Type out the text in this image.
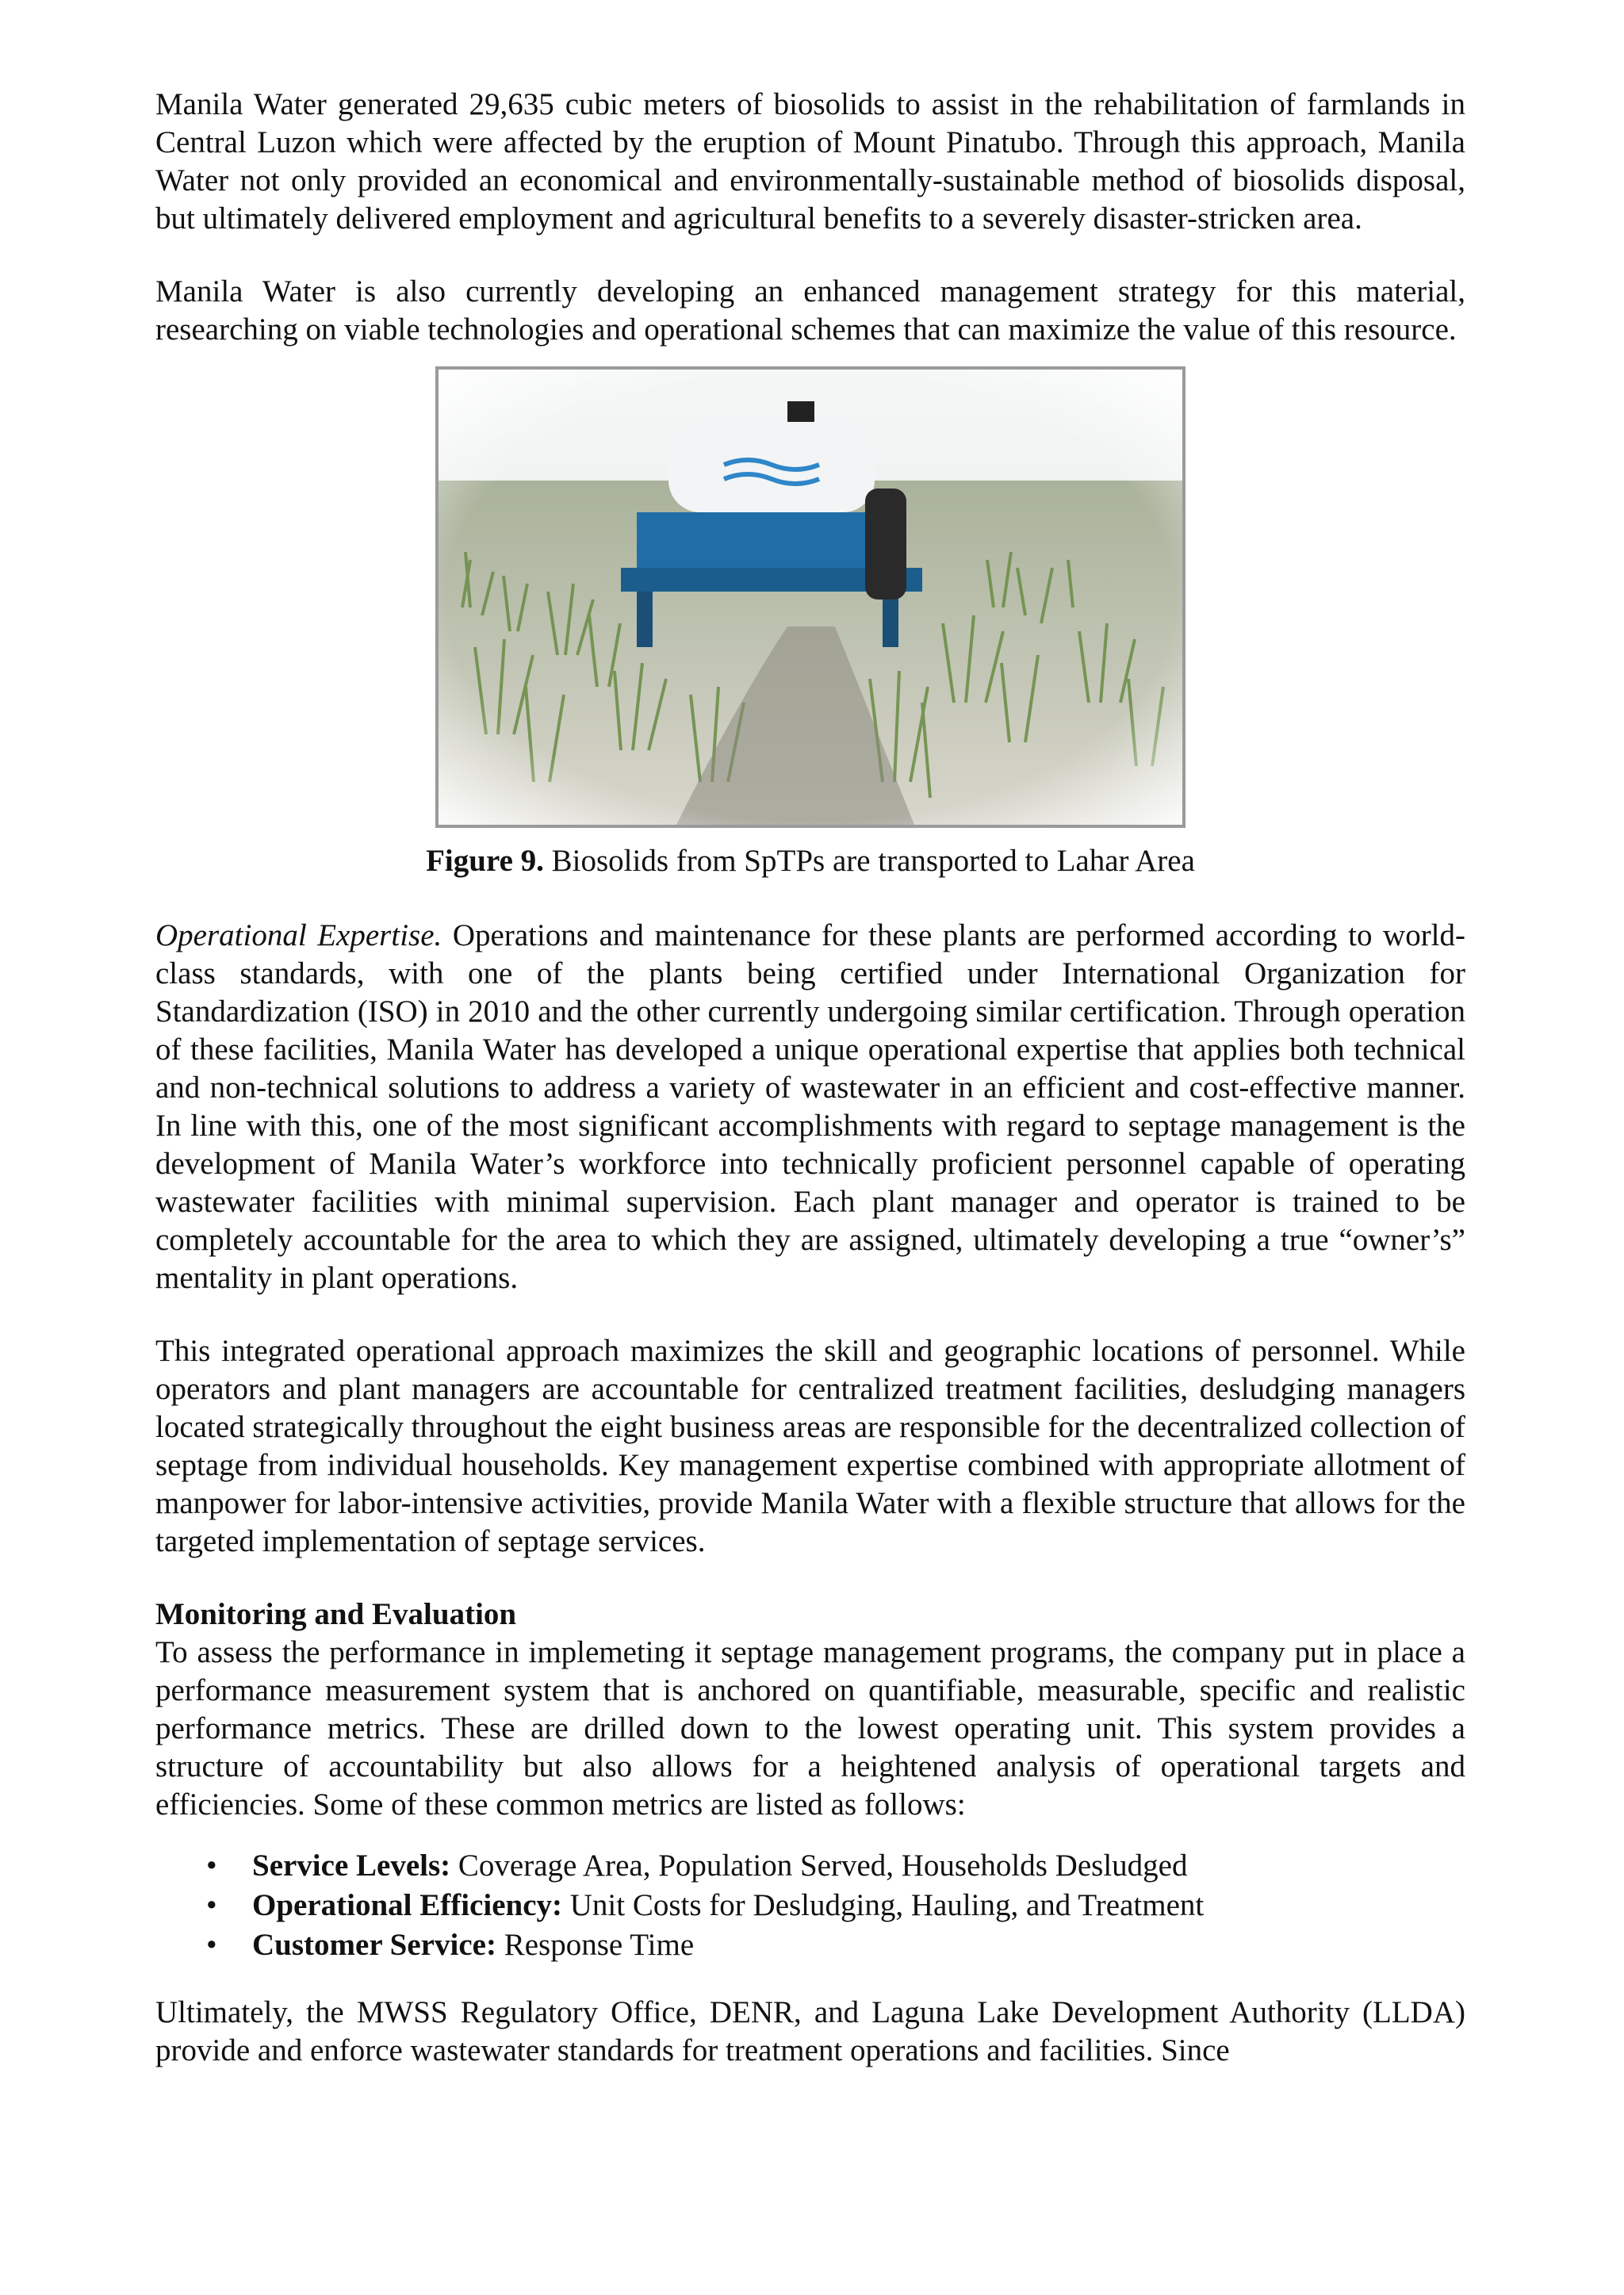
Manila Water generated 29,635 cubic meters of biosolids to assist in the rehabilitation of farmlands in Central Luzon which were affected by the eruption of Mount Pinatubo. Through this approach, Manila Water not only provided an economical and environmentally-sustainable method of biosolids disposal, but ultimately delivered employment and agricultural benefits to a severely disaster-stricken area.

Manila Water is also currently developing an enhanced management strategy for this material, researching on viable technologies and operational schemes that can maximize the value of this resource.

Figure 9. Biosolids from SpTPs are transported to Lahar Area

Operational Expertise. Operations and maintenance for these plants are performed according to world-class standards, with one of the plants being certified under International Organization for Standardization (ISO) in 2010 and the other currently undergoing similar certification. Through operation of these facilities, Manila Water has developed a unique operational expertise that applies both technical and non-technical solutions to address a variety of wastewater in an efficient and cost-effective manner. In line with this, one of the most significant accomplishments with regard to septage management is the development of Manila Water’s workforce into technically proficient personnel capable of operating wastewater facilities with minimal supervision. Each plant manager and operator is trained to be completely accountable for the area to which they are assigned, ultimately developing a true “owner’s” mentality in plant operations.

This integrated operational approach maximizes the skill and geographic locations of personnel. While operators and plant managers are accountable for centralized treatment facilities, desludging managers located strategically throughout the eight business areas are responsible for the decentralized collection of septage from individual households. Key management expertise combined with appropriate allotment of manpower for labor-intensive activities, provide Manila Water with a flexible structure that allows for the targeted implementation of septage services.

Monitoring and Evaluation

To assess the performance in implemeting it septage management programs, the company put in place a performance measurement system that is anchored on quantifiable, measurable, specific and realistic performance metrics. These are drilled down to the lowest operating unit. This system provides a structure of accountability but also allows for a heightened analysis of operational targets and efficiencies. Some of these common metrics are listed as follows:

• Service Levels: Coverage Area, Population Served, Households Desludged
• Operational Efficiency: Unit Costs for Desludging, Hauling, and Treatment
• Customer Service: Response Time

Ultimately, the MWSS Regulatory Office, DENR, and Laguna Lake Development Authority (LLDA) provide and enforce wastewater standards for treatment operations and facilities. Since
